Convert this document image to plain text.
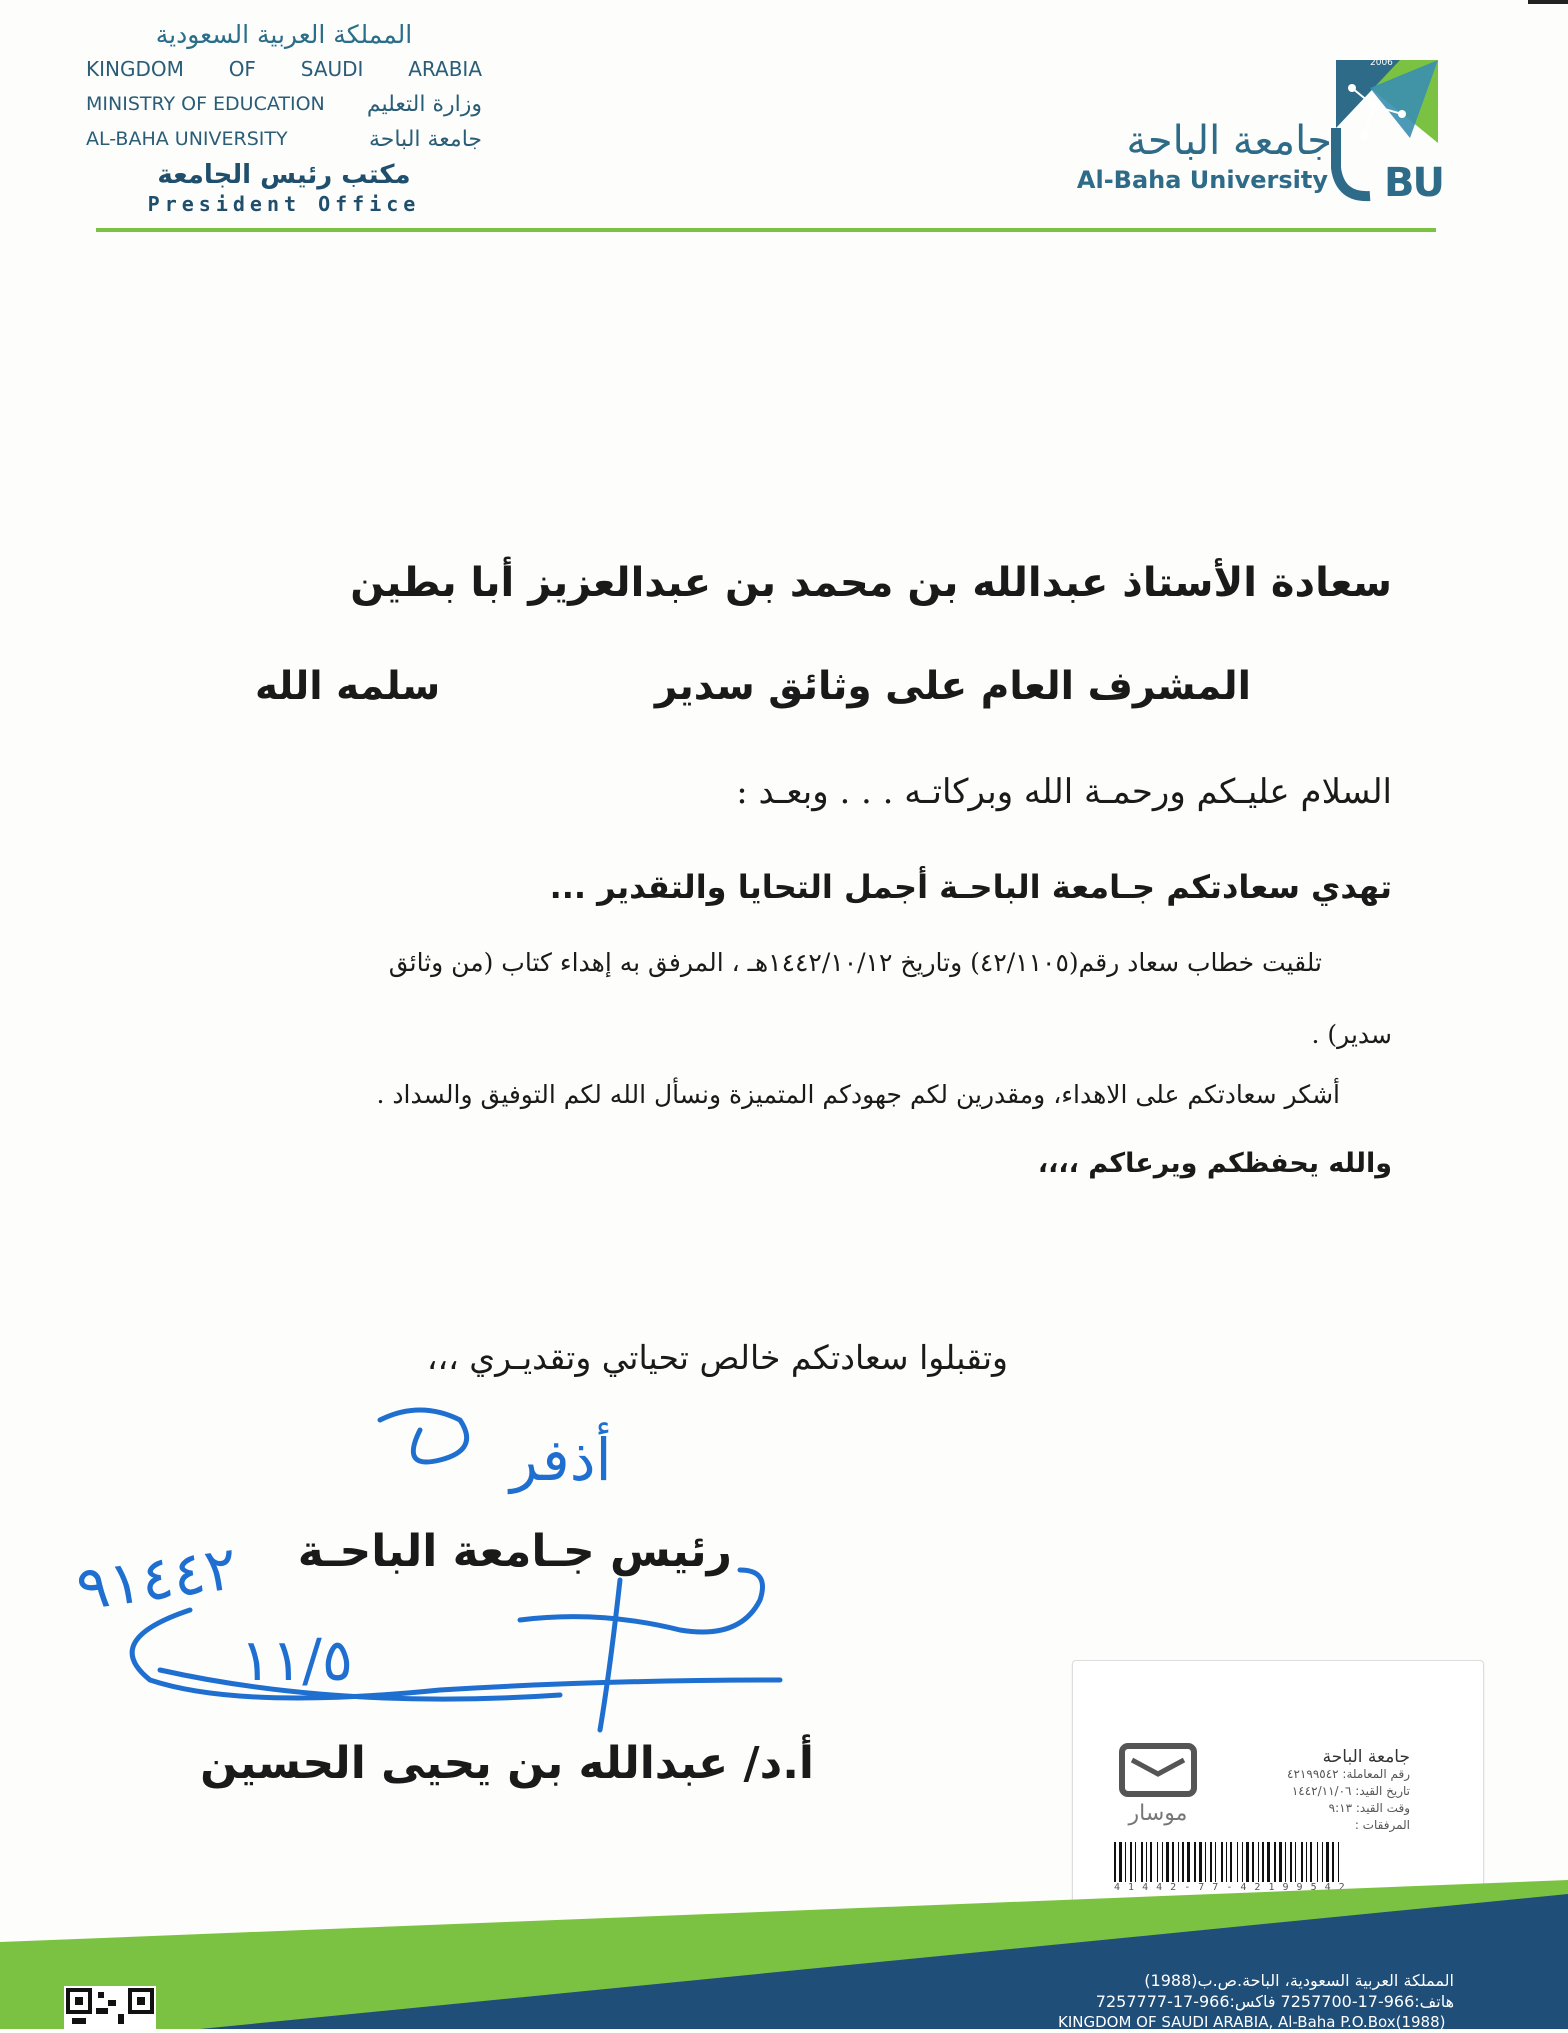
المملكة العربية السعودية
KINGDOM OF SAUDI ARABIA
MINISTRY OF EDUCATION وزارة التعليم
AL-BAHA UNIVERSITY	جامعة الباحة
مكتب رئيس الجامعة
President Office
جامعة الباحة
Al-Baha University
2006
BU
سعادة الأستاذ عبدالله بن محمد بن عبدالعزيز أبا بطين
المشرف العام على وثائق سدير
سلمه الله
السلام عليـكم ورحمـة الله وبركاتـه . . . وبعـد :
تهدي سعادتكم جـامعة الباحـة أجمل التحايا والتقدير ...
تلقيت خطاب سعاد رقم(٤٢/١١٠٥) وتاريخ ١٤٤٢/١٠/١٢هـ ، المرفق به إهداء كتاب (من وثائق
سدير) .
أشكر سعادتكم على الاهداء، ومقدرين لكم جهودكم المتميزة ونسأل الله لكم التوفيق والسداد .
والله يحفظكم ويرعاكم ،،،،
وتقبلوا سعادتكم خالص تحياتي وتقديـري ،،،
رئيس جـامعة الباحـة
أ.د/ عبدالله بن يحيى الحسين
أذفر
٩١٤٤٢
١١/٥
موسار
جامعة الباحة
رقم المعاملة: ٤٢١٩٩٥٤٢
تاريخ القيد: ١٤٤٢/١١/٠٦
وقت القيد: ٩:١٣
المرفقات :
4 1 4 4 2 - 7 7 - 4 2 1 9 9 5 4 2
المملكة العربية السعودية، الباحة.ص.ب(1988)
هاتف:966-17-7257700 فاكس:966-17-7257777
KINGDOM OF SAUDI ARABIA, Al-Baha P.O.Box(1988)
